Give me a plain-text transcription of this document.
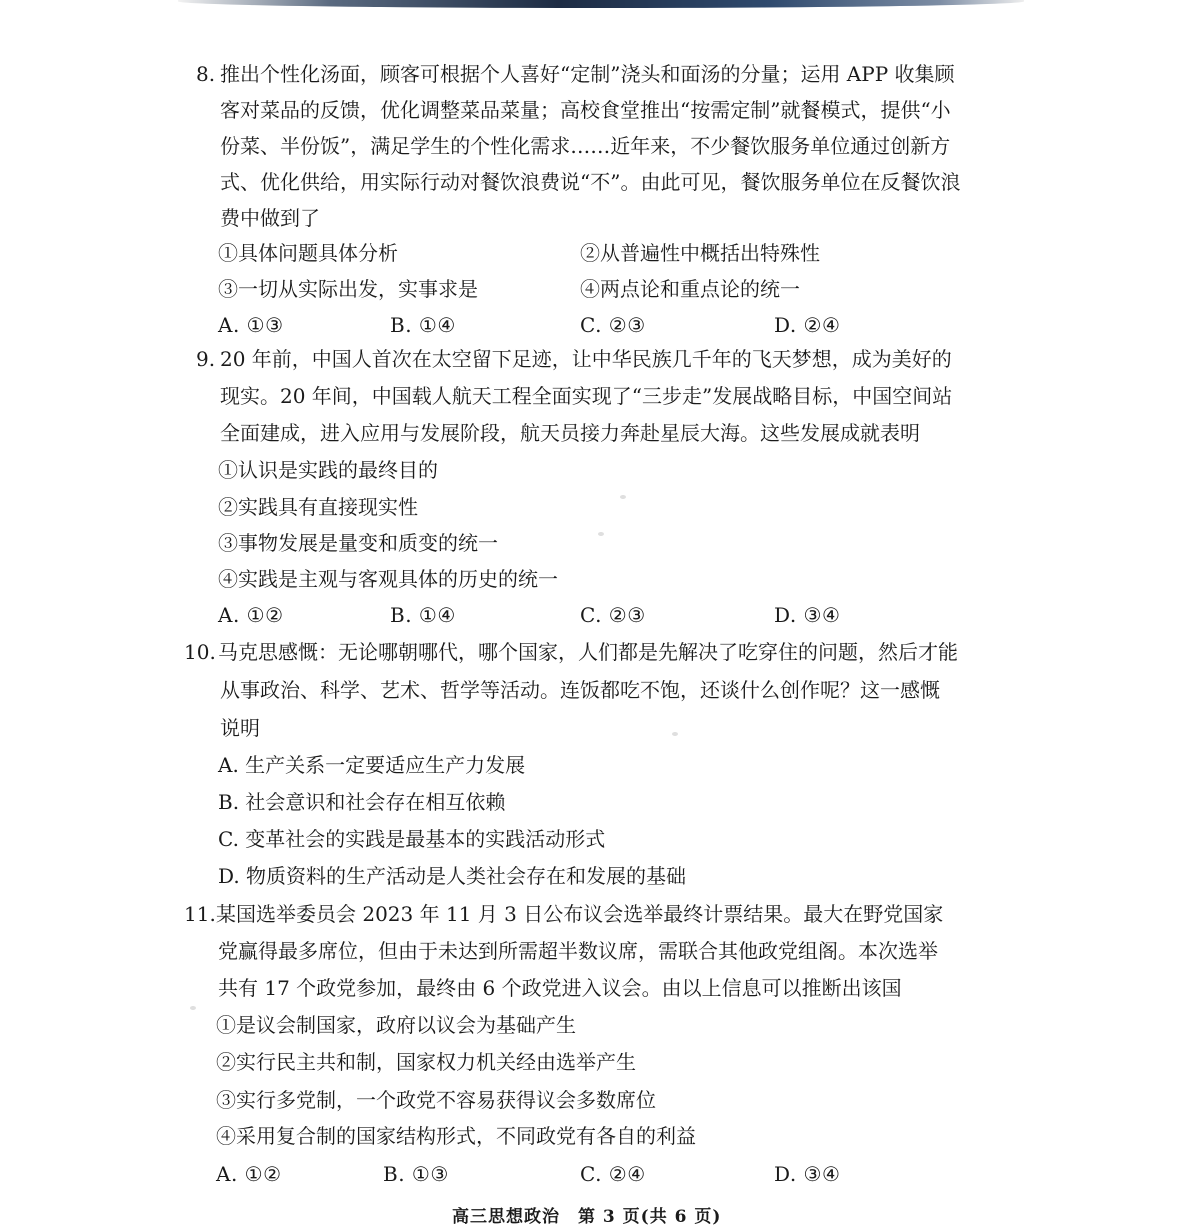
8. 推出个性化汤面，顾客可根据个人喜好“定制”浇头和面汤的分量；运用 APP 收集顾
客对菜品的反馈，优化调整菜品菜量；高校食堂推出“按需定制”就餐模式，提供“小
份菜、半份饭”，满足学生的个性化需求……近年来，不少餐饮服务单位通过创新方
式、优化供给，用实际行动对餐饮浪费说“不”。由此可见，餐饮服务单位在反餐饮浪
费中做到了
①具体问题具体分析	②从普遍性中概括出特殊性
③一切从实际出发，实事求是	④两点论和重点论的统一
A. ①③	B. ①④	C. ②③	D. ②④
9. 20 年前，中国人首次在太空留下足迹，让中华民族几千年的飞天梦想，成为美好的
现实。20 年间，中国载人航天工程全面实现了“三步走”发展战略目标，中国空间站
全面建成，进入应用与发展阶段，航天员接力奔赴星辰大海。这些发展成就表明
①认识是实践的最终目的
②实践具有直接现实性
③事物发展是量变和质变的统一
④实践是主观与客观具体的历史的统一
A. ①②	B. ①④	C. ②③	D. ③④
10. 马克思感慨：无论哪朝哪代，哪个国家，人们都是先解决了吃穿住的问题，然后才能
从事政治、科学、艺术、哲学等活动。连饭都吃不饱，还谈什么创作呢？这一感慨
说明
A. 生产关系一定要适应生产力发展
B. 社会意识和社会存在相互依赖
C. 变革社会的实践是最基本的实践活动形式
D. 物质资料的生产活动是人类社会存在和发展的基础
11. 某国选举委员会 2023 年 11 月 3 日公布议会选举最终计票结果。最大在野党国家
党赢得最多席位，但由于未达到所需超半数议席，需联合其他政党组阁。本次选举
共有 17 个政党参加，最终由 6 个政党进入议会。由以上信息可以推断出该国
①是议会制国家，政府以议会为基础产生
②实行民主共和制，国家权力机关经由选举产生
③实行多党制，一个政党不容易获得议会多数席位
④采用复合制的国家结构形式，不同政党有各自的利益
A. ①②	B. ①③	C. ②④	D. ③④
高三思想政治　第 3 页(共 6 页)
